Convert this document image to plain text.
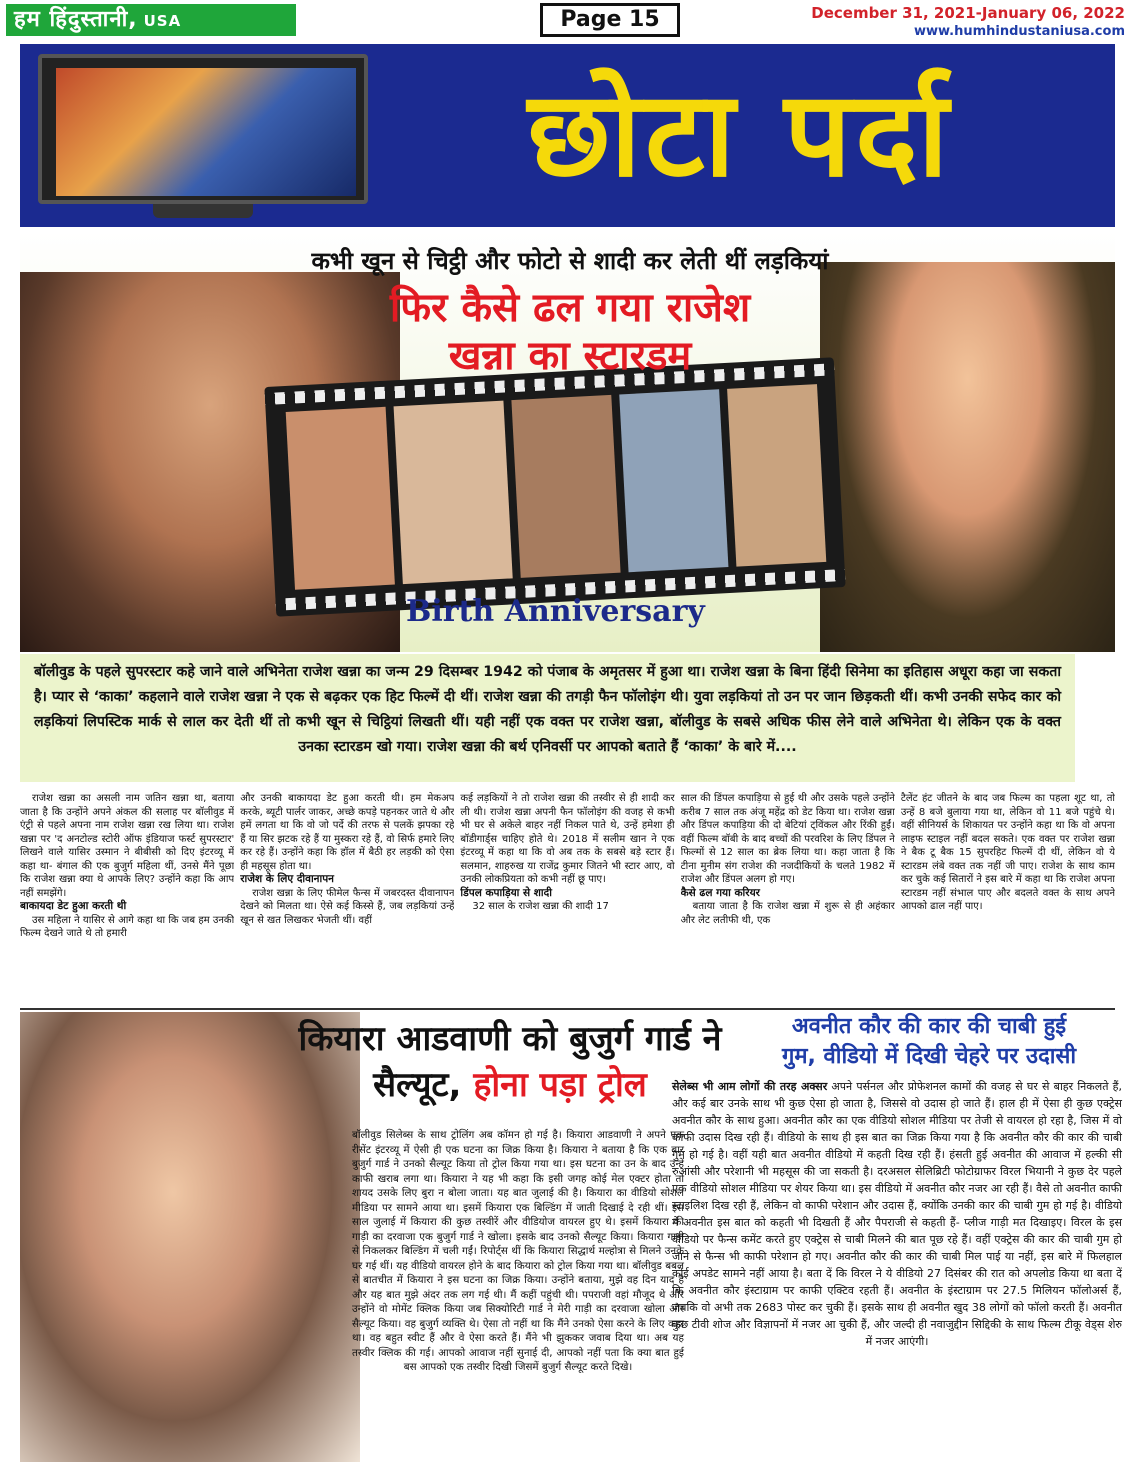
हम हिंदुस्तानी, USA	Page 15	December 31, 2021-January 06, 2022
www.humhindustaniusa.com
छोटा पर्दा
कभी खून से चिट्ठी और फोटो से शादी कर लेती थीं लड़कियां
फिर कैसे ढल गया राजेश
खन्ना का स्टारडम
Birth Anniversary
बॉलीवुड के पहले सुपरस्टार कहे जाने वाले अभिनेता राजेश खन्ना का जन्म 29 दिसम्बर 1942 को पंजाब के अमृतसर में हुआ था। राजेश खन्ना के बिना हिंदी सिनेमा का इतिहास अधूरा कहा जा सकता है। प्यार से ‘काका’ कहलाने वाले राजेश खन्ना ने एक से बढ़कर एक हिट फिल्में दी थीं। राजेश खन्ना की तगड़ी फैन फॉलोइंग थी। युवा लड़कियां तो उन पर जान छिड़कती थीं। कभी उनकी सफेद कार को लड़कियां लिपस्टिक मार्क से लाल कर देती थीं तो कभी खून से चिट्ठियां लिखती थीं। यही नहीं एक वक्त पर राजेश खन्ना, बॉलीवुड के सबसे अधिक फीस लेने वाले अभिनेता थे। लेकिन एक के वक्त उनका स्टारडम खो गया। राजेश खन्ना की बर्थ एनिवर्सी पर आपको बताते हैं ‘काका’ के बारे में....
राजेश खन्ना का असली नाम जतिन खन्ना था, बताया जाता है कि उन्होंने अपने अंकल की सलाह पर बॉलीवुड में एंट्री से पहले अपना नाम राजेश खन्ना रख लिया था। राजेश खन्ना पर 'द अनटोल्ड स्टोरी ऑफ इंडियाज फर्स्ट सुपरस्टार' लिखने वाले यासिर उस्मान ने बीबीसी को दिए इंटरव्यू में कहा था- बंगाल की एक बुजुर्ग महिला थीं, उनसे मैंने पूछा कि राजेश खन्ना क्या थे आपके लिए? उन्होंने कहा कि आप नहीं समझेंगे।
बाकायदा डेट हुआ करती थी
उस महिला ने यासिर से आगे कहा था कि जब हम उनकी फिल्म देखने जाते थे तो हमारी
और उनकी बाकायदा डेट हुआ करती थी। हम मेकअप करके, ब्यूटी पार्लर जाकर, अच्छे कपड़े पहनकर जाते थे और हमें लगता था कि वो जो पर्दे की तरफ से पलकें झपका रहे हैं या सिर झटक रहे हैं या मुस्करा रहे हैं, वो सिर्फ हमारे लिए कर रहे हैं। उन्होंने कहा कि हॉल में बैठी हर लड़की को ऐसा ही महसूस होता था।
राजेश के लिए दीवानापन
राजेश खन्ना के लिए फीमेल फैन्स में जबरदस्त दीवानापन देखने को मिलता था। ऐसे कई किस्से हैं, जब लड़कियां उन्हें खून से खत लिखकर भेजती थीं। वहीं
कई लड़कियों ने तो राजेश खन्ना की तस्वीर से ही शादी कर ली थी। राजेश खन्ना अपनी फैन फॉलोइंग की वजह से कभी भी घर से अकेले बाहर नहीं निकल पाते थे, उन्हें हमेशा ही बॉडीगार्ड्स चाहिए होते थे। 2018 में सलीम खान ने एक इंटरव्यू में कहा था कि वो अब तक के सबसे बड़े स्टार हैं। सलमान, शाहरुख या राजेंद्र कुमार जितने भी स्टार आए, वो उनकी लोकप्रियता को कभी नहीं छू पाए।
डिंपल कपाड़िया से शादी
32 साल के राजेश खन्ना की शादी 17
साल की डिंपल कपाड़िया से हुई थी और उसके पहले उन्होंने करीब 7 साल तक अंजू महेंद्र को डेट किया था। राजेश खन्ना और डिंपल कपाड़िया की दो बेटियां ट्विंकल और रिंकी हुईं। वहीं फिल्म बॉबी के बाद बच्चों की परवरिश के लिए डिंपल ने फिल्मों से 12 साल का ब्रेक लिया था। कहा जाता है कि टीना मुनीम संग राजेश की नजदीकियों के चलते 1982 में राजेश और डिंपल अलग हो गए।
कैसे ढल गया करियर
बताया जाता है कि राजेश खन्ना में शुरू से ही अहंकार और लेट लतीफी थी, एक
टैलेंट हंट जीतने के बाद जब फिल्म का पहला शूट था, तो उन्हें 8 बजे बुलाया गया था, लेकिन वो 11 बजे पहुंचे थे। वहीं सीनियर्स के शिकायत पर उन्होंने कहा था कि वो अपना लाइफ स्टाइल नहीं बदल सकते। एक वक्त पर राजेश खन्ना ने बैक टू बैक 15 सुपरहिट फिल्में दी थीं, लेकिन वो ये स्टारडम लंबे वक्त तक नहीं जी पाए। राजेश के साथ काम कर चुके कई सितारों ने इस बारे में कहा था कि राजेश अपना स्टारडम नहीं संभाल पाए और बदलते वक्त के साथ अपने आपको ढाल नहीं पाए।
कियारा आडवाणी को बुजुर्ग गार्ड ने
सैल्यूट, होना पड़ा ट्रोल
बॉलीवुड सिलेब्स के साथ ट्रोलिंग अब कॉमन हो गई है। कियारा आडवाणी ने अपने एक रीसेंट इंटरव्यू में ऐसी ही एक घटना का जिक्र किया है। कियारा ने बताया है कि एक बार बुजुर्ग गार्ड ने उनको सैल्यूट किया तो ट्रोल किया गया था। इस घटना का उन के बाद उन्हें काफी खराब लगा था। कियारा ने यह भी कहा कि इसी जगह कोई मेल एक्टर होता तो शायद उसके लिए बुरा न बोला जाता। यह बात जुलाई की है। कियारा का वीडियो सोशल मीडिया पर सामने आया था। इसमें कियारा एक बिल्डिंग में जाती दिखाई दे रही थीं। इस साल जुलाई में कियारा की कुछ तस्वीरें और वीडियोज वायरल हुए थे। इसमें कियारा की गाड़ी का दरवाजा एक बुजुर्ग गार्ड ने खोला। इसके बाद उनको सैल्यूट किया। कियारा गाड़ी से निकलकर बिल्डिंग में चली गईं। रिपोर्ट्स थीं कि कियारा सिद्धार्थ मल्होत्रा से मिलने उनके घर गई थीं। यह वीडियो वायरल होने के बाद कियारा को ट्रोल किया गया था। बॉलीवुड बबल से बातचीत में कियारा ने इस घटना का जिक्र किया। उन्होंने बताया, मुझे वह दिन याद है और यह बात मुझे अंदर तक लग गई थी। मैं कहीं पहुंची थी। पपराजी वहां मौजूद थे और उन्होंने वो मोमेंट क्लिक किया जब सिक्योरिटी गार्ड ने मेरी गाड़ी का दरवाजा खोला और सैल्यूट किया। वह बुजुर्ग व्यक्ति थे। ऐसा तो नहीं था कि मैंने उनको ऐसा करने के लिए कहा था। वह बहुत स्वीट हैं और वे ऐसा करते हैं। मैंने भी झुककर जवाब दिया था। अब यह तस्वीर क्लिक की गई। आपको आवाज नहीं सुनाई दी, आपको नहीं पता कि क्या बात हुई बस आपको एक तस्वीर दिखी जिसमें बुजुर्ग सैल्यूट करते दिखे।
अवनीत कौर की कार की चाबी हुई
गुम, वीडियो में दिखी चेहरे पर उदासी
सेलेब्स भी आम लोगों की तरह अक्सर अपने पर्सनल और प्रोफेशनल कामों की वजह से घर से बाहर निकलते हैं, और कई बार उनके साथ भी कुछ ऐसा हो जाता है, जिससे वो उदास हो जाते हैं। हाल ही में ऐसा ही कुछ एक्ट्रेस अवनीत कौर के साथ हुआ। अवनीत कौर का एक वीडियो सोशल मीडिया पर तेजी से वायरल हो रहा है, जिस में वो काफी उदास दिख रही हैं। वीडियो के साथ ही इस बात का जिक्र किया गया है कि अवनीत कौर की कार की चाबी गुम हो गई है। वहीं यही बात अवनीत वीडियो में कहती दिख रही हैं। हंसती हुई अवनीत की आवाज में हल्की सी रुआंसी और परेशानी भी महसूस की जा सकती है। दरअसल सेलिब्रिटी फोटोग्राफर विरल भियानी ने कुछ देर पहले एक वीडियो सोशल मीडिया पर शेयर किया था। इस वीडियो में अवनीत कौर नजर आ रही हैं। वैसे तो अवनीत काफी स्टाइलिश दिख रही हैं, लेकिन वो काफी परेशान और उदास हैं, क्योंकि उनकी कार की चाबी गुम हो गई है। वीडियो में अवनीत इस बात को कहती भी दिखती हैं और पैपराजी से कहती हैं- प्लीज गाड़ी मत दिखाइए। विरल के इस वीडियो पर फैन्स कमेंट करते हुए एक्ट्रेस से चाबी मिलने की बात पूछ रहे हैं। वहीं एक्ट्रेस की कार की चाबी गुम हो जाने से फैन्स भी काफी परेशान हो गए। अवनीत कौर की कार की चाबी मिल पाई या नहीं, इस बारे में फिलहाल कोई अपडेट सामने नहीं आया है। बता दें कि विरल ने ये वीडियो 27 दिसंबर की रात को अपलोड किया था बता दें कि अवनीत कौर इंस्टाग्राम पर काफी एक्टिव रहती हैं। अवनीत के इंस्टाग्राम पर 27.5 मिलियन फॉलोअर्स हैं, जबकि वो अभी तक 2683 पोस्ट कर चुकी हैं। इसके साथ ही अवनीत खुद 38 लोगों को फॉलो करती हैं। अवनीत कुछ टीवी शोज और विज्ञापनों में नजर आ चुकी हैं, और जल्दी ही नवाजुद्दीन सिद्दिकी के साथ फिल्म टीकू वेड्स शेरु में नजर आएंगी।
